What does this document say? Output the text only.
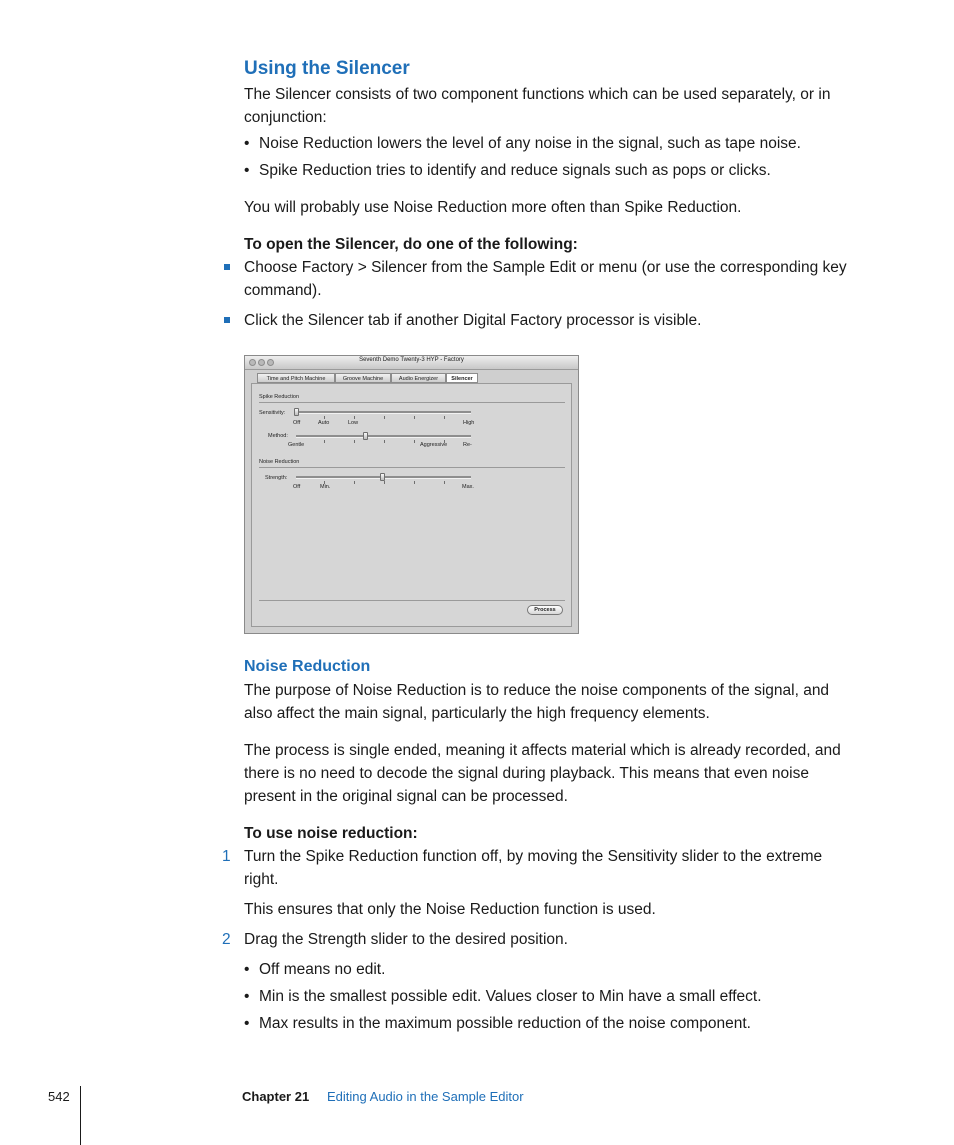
Using the Silencer
The Silencer consists of two component functions which can be used separately, or in
conjunction:
• Noise Reduction lowers the level of any noise in the signal, such as tape noise.
• Spike Reduction tries to identify and reduce signals such as pops or clicks.
You will probably use Noise Reduction more often than Spike Reduction.
To open the Silencer, do one of the following:
Choose Factory > Silencer from the Sample Edit or menu (or use the corresponding key
command).
Click the Silencer tab if another Digital Factory processor is visible.
Seventh Demo Twenty-3 HYP - Factory
Time and Pitch Machine	Groove Machine	Audio Energizer	Silencer
Spike Reduction
Sensitivity:
Off	Auto	Low	High
Method:
Gentle	Aggressive	Re-
Noise Reduction
Strength:
Off	Min.	Max.
Process
Noise Reduction
The purpose of Noise Reduction is to reduce the noise components of the signal, and
also affect the main signal, particularly the high frequency elements.
The process is single ended, meaning it affects material which is already recorded, and
there is no need to decode the signal during playback. This means that even noise
present in the original signal can be processed.
To use noise reduction:
1 Turn the Spike Reduction function off, by moving the Sensitivity slider to the extreme
right.
This ensures that only the Noise Reduction function is used.
2 Drag the Strength slider to the desired position.
• Off means no edit.
• Min is the smallest possible edit. Values closer to Min have a small effect.
• Max results in the maximum possible reduction of the noise component.
542	Chapter 21 Editing Audio in the Sample Editor
